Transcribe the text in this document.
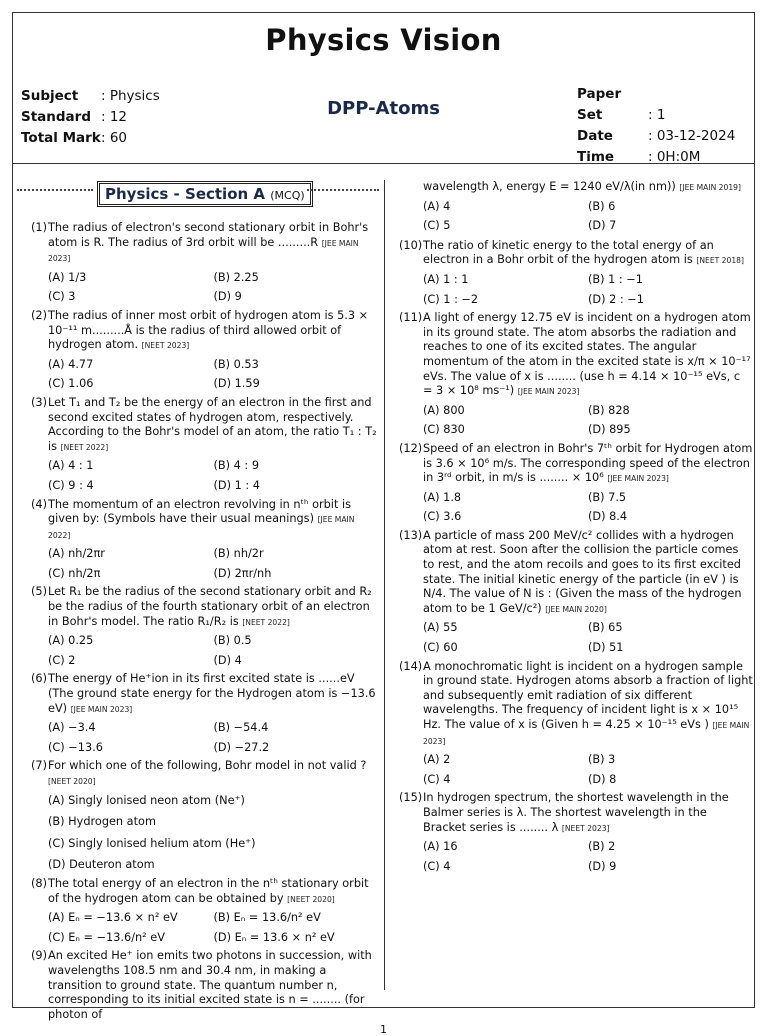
Physics Vision
Subject : Physics
Standard : 12
Total Mark: 60
DPP-Atoms
Paper Set	: 1
Date	: 03-12-2024
Time	: 0H:0M
Physics - Section A (MCQ)
(1) The radius of electron's second stationary orbit in Bohr's atom is R. The radius of 3rd orbit will be .........R [JEE MAIN 2023]
(A) 1/3	(B) 2.25
(C) 3	(D) 9
(2) The radius of inner most orbit of hydrogen atom is 5.3 × 10⁻¹¹ m.........Å is the radius of third allowed orbit of hydrogen atom. [NEET 2023]
(A) 4.77	(B) 0.53
(C) 1.06	(D) 1.59
(3) Let T₁ and T₂ be the energy of an electron in the first and second excited states of hydrogen atom, respectively. According to the Bohr's model of an atom, the ratio T₁ : T₂ is [NEET 2022]
(A) 4 : 1	(B) 4 : 9
(C) 9 : 4	(D) 1 : 4
(4) The momentum of an electron revolving in nᵗʰ orbit is given by: (Symbols have their usual meanings) [JEE MAIN 2022]
(A) nh/2πr	(B) nh/2r
(C) nh/2π	(D) 2πr/nh
(5) Let R₁ be the radius of the second stationary orbit and R₂ be the radius of the fourth stationary orbit of an electron in Bohr's model. The ratio R₁/R₂ is [NEET 2022]
(A) 0.25	(B) 0.5
(C) 2	(D) 4
(6) The energy of He⁺ion in its first excited state is ......eV (The ground state energy for the Hydrogen atom is −13.6 eV) [JEE MAIN 2023]
(A) −3.4	(B) −54.4
(C) −13.6	(D) −27.2
(7) For which one of the following, Bohr model in not valid ? [NEET 2020]
(A) Singly lonised neon atom (Ne⁺)
(B) Hydrogen atom
(C) Singly lonised helium atom (He⁺)
(D) Deuteron atom
(8) The total energy of an electron in the nᵗʰ stationary orbit of the hydrogen atom can be obtained by [NEET 2020]
(A) Eₙ = −13.6 × n² eV	(B) Eₙ = 13.6/n² eV
(C) Eₙ = −13.6/n² eV	(D) Eₙ = 13.6 × n² eV
(9) An excited He⁺ ion emits two photons in succession, with wavelengths 108.5 nm and 30.4 nm, in making a transition to ground state. The quantum number n, corresponding to its initial excited state is n = ........ (for photon of
wavelength λ, energy E = 1240 eV/λ(in nm)) [JEE MAIN 2019]
(A) 4	(B) 6
(C) 5	(D) 7
(10) The ratio of kinetic energy to the total energy of an electron in a Bohr orbit of the hydrogen atom is [NEET 2018]
(A) 1 : 1	(B) 1 : −1
(C) 1 : −2	(D) 2 : −1
(11) A light of energy 12.75 eV is incident on a hydrogen atom in its ground state. The atom absorbs the radiation and reaches to one of its excited states. The angular momentum of the atom in the excited state is x/π × 10⁻¹⁷ eVs. The value of x is ........ (use h = 4.14 × 10⁻¹⁵ eVs, c = 3 × 10⁸ ms⁻¹) [JEE MAIN 2023]
(A) 800	(B) 828
(C) 830	(D) 895
(12) Speed of an electron in Bohr's 7ᵗʰ orbit for Hydrogen atom is 3.6 × 10⁶ m/s. The corresponding speed of the electron in 3ʳᵈ orbit, in m/s is ........ × 10⁶ [JEE MAIN 2023]
(A) 1.8	(B) 7.5
(C) 3.6	(D) 8.4
(13) A particle of mass 200 MeV/c² collides with a hydrogen atom at rest. Soon after the collision the particle comes to rest, and the atom recoils and goes to its first excited state. The initial kinetic energy of the particle (in eV ) is N/4. The value of N is : (Given the mass of the hydrogen atom to be 1 GeV/c²) [JEE MAIN 2020]
(A) 55	(B) 65
(C) 60	(D) 51
(14) A monochromatic light is incident on a hydrogen sample in ground state. Hydrogen atoms absorb a fraction of light and subsequently emit radiation of six different wavelengths. The frequency of incident light is x × 10¹⁵ Hz. The value of x is (Given h = 4.25 × 10⁻¹⁵ eVs ) [JEE MAIN 2023]
(A) 2	(B) 3
(C) 4	(D) 8
(15) In hydrogen spectrum, the shortest wavelength in the Balmer series is λ. The shortest wavelength in the Bracket series is ........ λ [NEET 2023]
(A) 16	(B) 2
(C) 4	(D) 9
1
